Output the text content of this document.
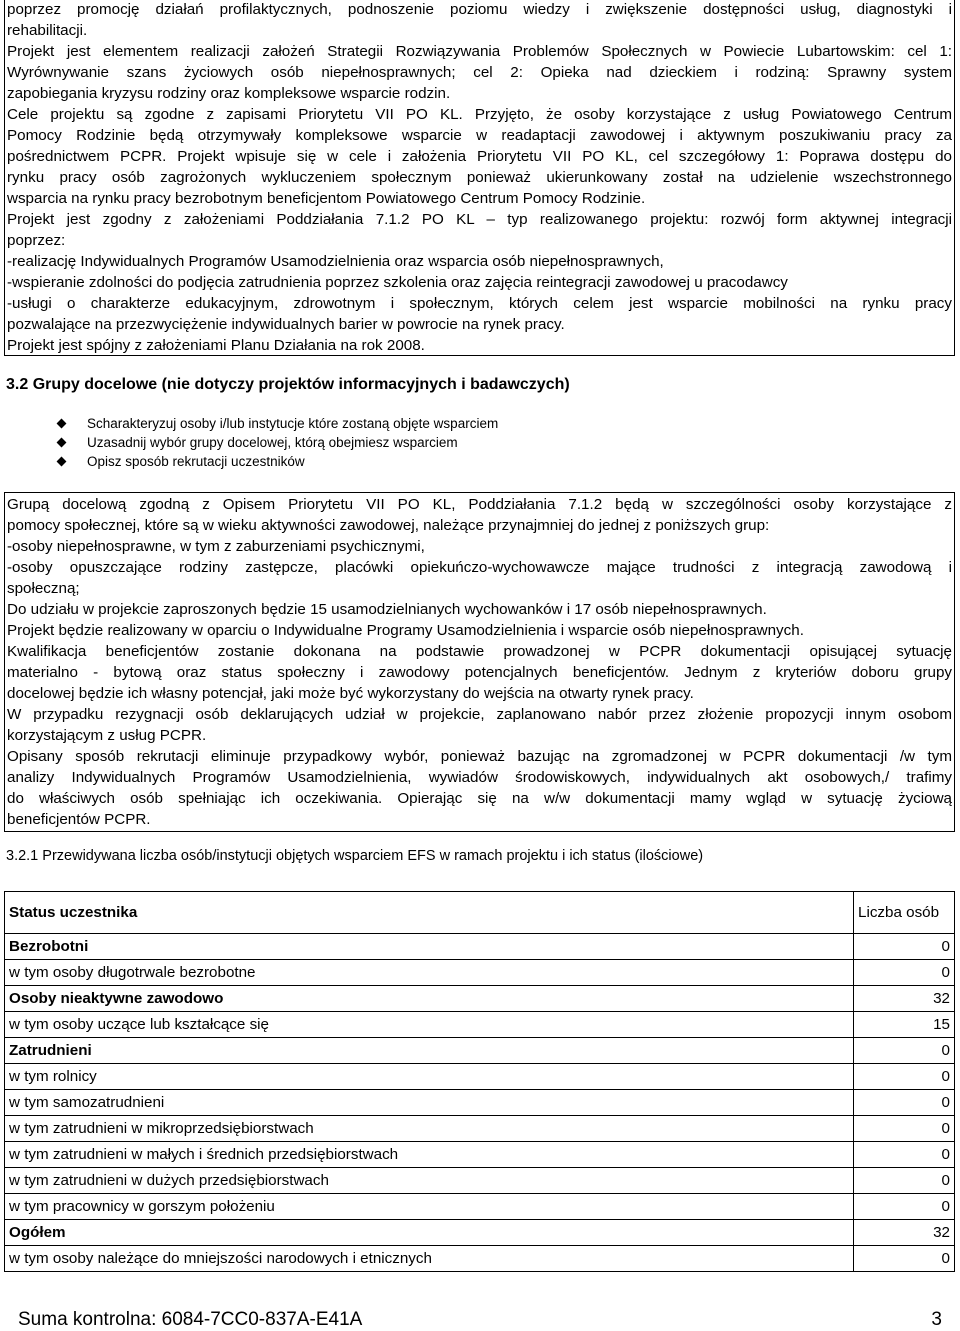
poprzez promocję działań profilaktycznych, podnoszenie poziomu wiedzy i zwiększenie dostępności usług, diagnostyki i
rehabilitacji.
Projekt jest elementem realizacji założeń Strategii Rozwiązywania Problemów Społecznych w Powiecie Lubartowskim: cel 1:
Wyrównywanie szans życiowych osób niepełnosprawnych; cel 2: Opieka nad dzieckiem i rodziną: Sprawny system
zapobiegania kryzysu rodziny oraz kompleksowe wsparcie rodzin.
Cele projektu są zgodne z zapisami Priorytetu VII PO KL. Przyjęto, że osoby korzystające z usług Powiatowego Centrum
Pomocy Rodzinie będą otrzymywały kompleksowe wsparcie w readaptacji zawodowej i aktywnym poszukiwaniu pracy za
pośrednictwem PCPR. Projekt wpisuje się w cele i założenia Priorytetu VII PO KL, cel szczegółowy 1: Poprawa dostępu do
rynku pracy osób zagrożonych wykluczeniem społecznym ponieważ ukierunkowany został na udzielenie wszechstronnego
wsparcia na rynku pracy bezrobotnym beneficjentom Powiatowego Centrum Pomocy Rodzinie.
Projekt jest zgodny z założeniami Poddziałania 7.1.2 PO KL – typ realizowanego projektu: rozwój form aktywnej integracji
poprzez:
-realizację Indywidualnych Programów Usamodzielnienia oraz wsparcia osób niepełnosprawnych,
-wspieranie zdolności do podjęcia zatrudnienia poprzez szkolenia oraz zajęcia reintegracji zawodowej u pracodawcy
-usługi o charakterze edukacyjnym, zdrowotnym i społecznym, których celem jest wsparcie mobilności na rynku pracy
pozwalające na przezwyciężenie indywidualnych barier w powrocie na rynek pracy.
Projekt jest spójny z założeniami Planu Działania na rok 2008.
3.2 Grupy docelowe (nie dotyczy projektów informacyjnych i badawczych)
Scharakteryzuj osoby i/lub instytucje które zostaną objęte wsparciem
Uzasadnij wybór grupy docelowej, którą obejmiesz wsparciem
Opisz sposób rekrutacji uczestników
Grupą docelową zgodną z Opisem Priorytetu VII PO KL, Poddziałania 7.1.2 będą w szczególności osoby korzystające z
pomocy społecznej, które są w wieku aktywności zawodowej, należące przynajmniej do jednej z poniższych grup:
-osoby niepełnosprawne, w tym z zaburzeniami psychicznymi,
-osoby opuszczające rodziny zastępcze, placówki opiekuńczo-wychowawcze mające trudności z integracją zawodową i
społeczną;
Do udziału w projekcie zaproszonych będzie 15 usamodzielnianych wychowanków i 17 osób niepełnosprawnych.
Projekt będzie realizowany w oparciu o Indywidualne Programy Usamodzielnienia i wsparcie osób niepełnosprawnych.
Kwalifikacja beneficjentów zostanie dokonana na podstawie prowadzonej w PCPR dokumentacji opisującej sytuację
materialno - bytową oraz status społeczny i zawodowy potencjalnych beneficjentów. Jednym z kryteriów doboru grupy
docelowej będzie ich własny potencjał, jaki może być wykorzystany do wejścia na otwarty rynek pracy.
W przypadku rezygnacji osób deklarujących udział w projekcie, zaplanowano nabór przez złożenie propozycji innym osobom
korzystającym z usług PCPR.
Opisany sposób rekrutacji eliminuje przypadkowy wybór, ponieważ bazując na zgromadzonej w PCPR dokumentacji /w tym
analizy Indywidualnych Programów Usamodzielnienia, wywiadów środowiskowych, indywidualnych akt osobowych,/ trafimy
do właściwych osób spełniając ich oczekiwania. Opierając się na w/w dokumentacji mamy wgląd w sytuację życiową
beneficjentów PCPR.
3.2.1 Przewidywana liczba osób/instytucji objętych wsparciem EFS w ramach projektu i ich status (ilościowe)
Status uczestnika	Liczba osób
Bezrobotni	0
w tym osoby długotrwale bezrobotne	0
Osoby nieaktywne zawodowo	32
w tym osoby uczące lub kształcące się	15
Zatrudnieni	0
w tym rolnicy	0
w tym samozatrudnieni	0
w tym zatrudnieni w mikroprzedsiębiorstwach	0
w tym zatrudnieni w małych i średnich przedsiębiorstwach	0
w tym zatrudnieni w dużych przedsiębiorstwach	0
w tym pracownicy w gorszym położeniu	0
Ogółem	32
w tym osoby należące do mniejszości narodowych i etnicznych	0
Suma kontrolna: 6084-7CC0-837A-E41A	3
